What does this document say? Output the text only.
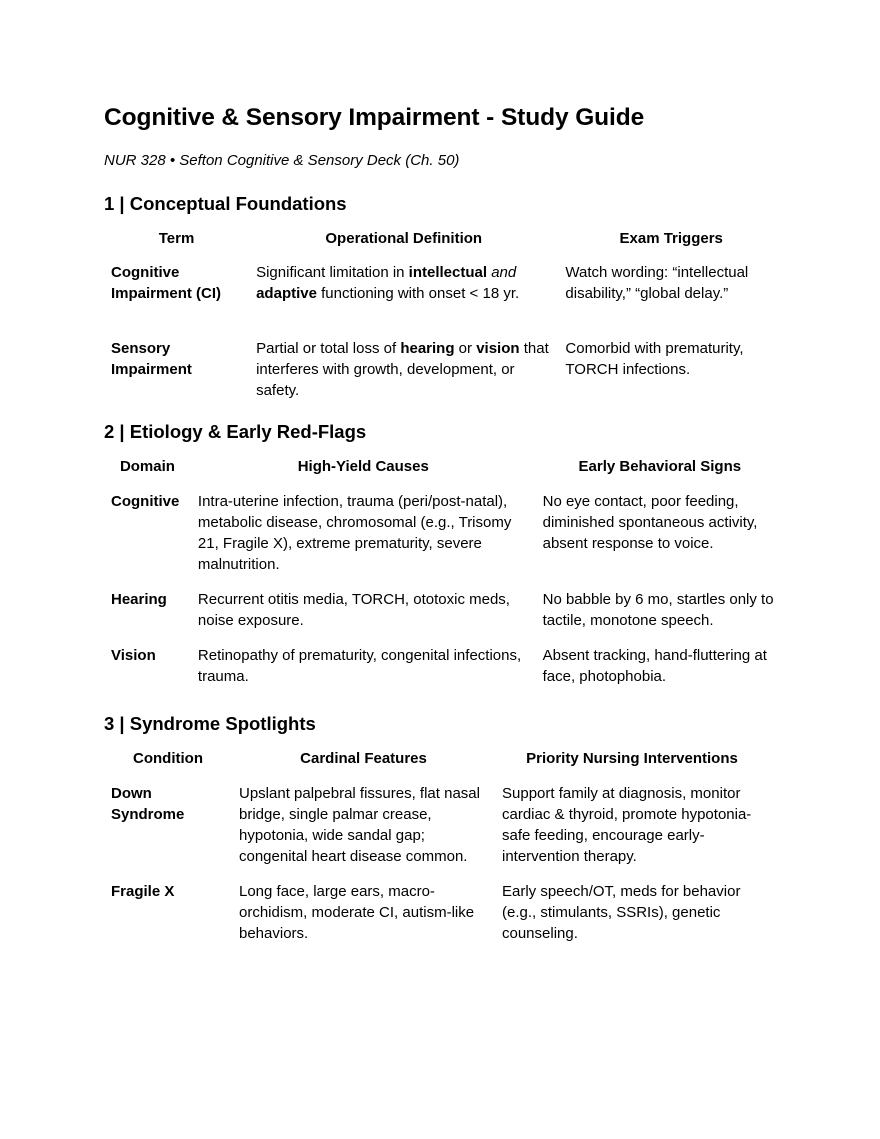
Cognitive & Sensory Impairment - Study Guide

NUR 328 • Sefton Cognitive & Sensory Deck (Ch. 50)

1 | Conceptual Foundations
Term	Operational Definition	Exam Triggers

Cognitive Impairment (CI)	Significant limitation in intellectual and adaptive functioning with onset < 18 yr.	Watch wording: “intellectual disability,” “global delay.”

Sensory Impairment	Partial or total loss of hearing or vision that interferes with growth, development, or safety.	Comorbid with prematurity, TORCH infections.
2 | Etiology & Early Red-Flags
Domain	High-Yield Causes	Early Behavioral Signs

Cognitive	Intra-uterine infection, trauma (peri/post-natal), metabolic disease, chromosomal (e.g., Trisomy 21, Fragile X), extreme prematurity, severe malnutrition.	No eye contact, poor feeding, diminished spontaneous activity, absent response to voice.

Hearing	Recurrent otitis media, TORCH, ototoxic meds, noise exposure.	No babble by 6 mo, startles only to tactile, monotone speech.

Vision	Retinopathy of prematurity, congenital infections, trauma.	Absent tracking, hand-fluttering at face, photophobia.
3 | Syndrome Spotlights
Condition	Cardinal Features	Priority Nursing Interventions

Down Syndrome	Upslant palpebral fissures, flat nasal bridge, single palmar crease, hypotonia, wide sandal gap; congenital heart disease common.	Support family at diagnosis, monitor cardiac & thyroid, promote hypotonia-safe feeding, encourage early-intervention therapy.

Fragile X	Long face, large ears, macro-orchidism, moderate CI, autism-like behaviors.	Early speech/OT, meds for behavior (e.g., stimulants, SSRIs), genetic counseling.
